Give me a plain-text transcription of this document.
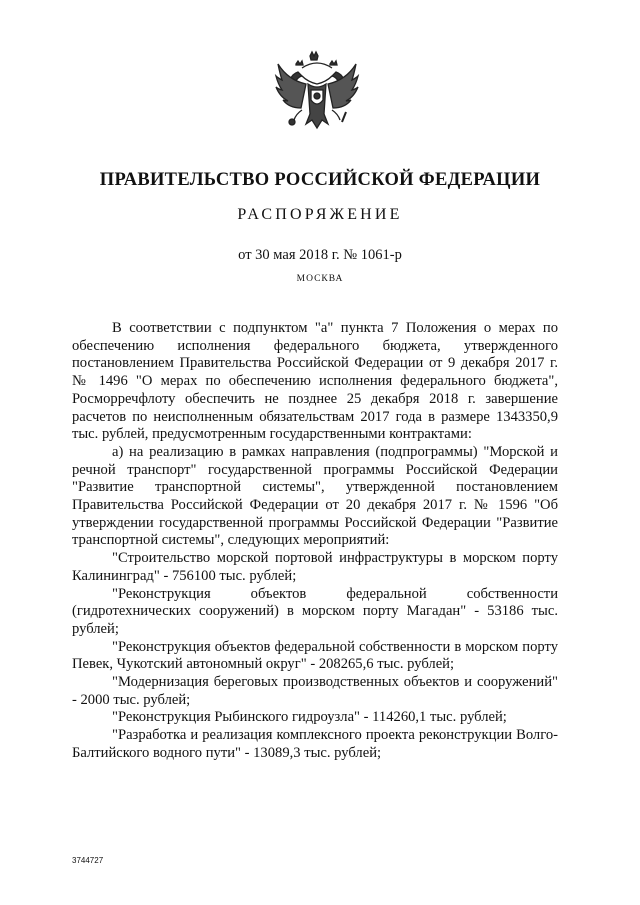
ПРАВИТЕЛЬСТВО РОССИЙСКОЙ ФЕДЕРАЦИИ
РАСПОРЯЖЕНИЕ
от 30 мая 2018 г. № 1061-р
МОСКВА

В соответствии с подпунктом "а" пункта 7 Положения о мерах по обеспечению исполнения федерального бюджета, утвержденного постановлением Правительства Российской Федерации от 9 декабря 2017 г. № 1496 "О мерах по обеспечению исполнения федерального бюджета", Росморречфлоту обеспечить не позднее 25 декабря 2018 г. завершение расчетов по неисполненным обязательствам 2017 года в размере 1343350,9 тыс. рублей, предусмотренным государственными контрактами:

а) на реализацию в рамках направления (подпрограммы) "Морской и речной транспорт" государственной программы Российской Федерации "Развитие транспортной системы", утвержденной постановлением Правительства Российской Федерации от 20 декабря 2017 г. № 1596 "Об утверждении государственной программы Российской Федерации "Развитие транспортной системы", следующих мероприятий:

"Строительство морской портовой инфраструктуры в морском порту Калининград" - 756100 тыс. рублей;

"Реконструкция объектов федеральной собственности (гидротехнических сооружений) в морском порту Магадан" - 53186 тыс. рублей;

"Реконструкция объектов федеральной собственности в морском порту Певек, Чукотский автономный округ" - 208265,6 тыс. рублей;

"Модернизация береговых производственных объектов и сооружений" - 2000 тыс. рублей;

"Реконструкция Рыбинского гидроузла" - 114260,1 тыс. рублей;

"Разработка и реализация комплексного проекта реконструкции Волго-Балтийского водного пути" - 13089,3 тыс. рублей;

3744727
